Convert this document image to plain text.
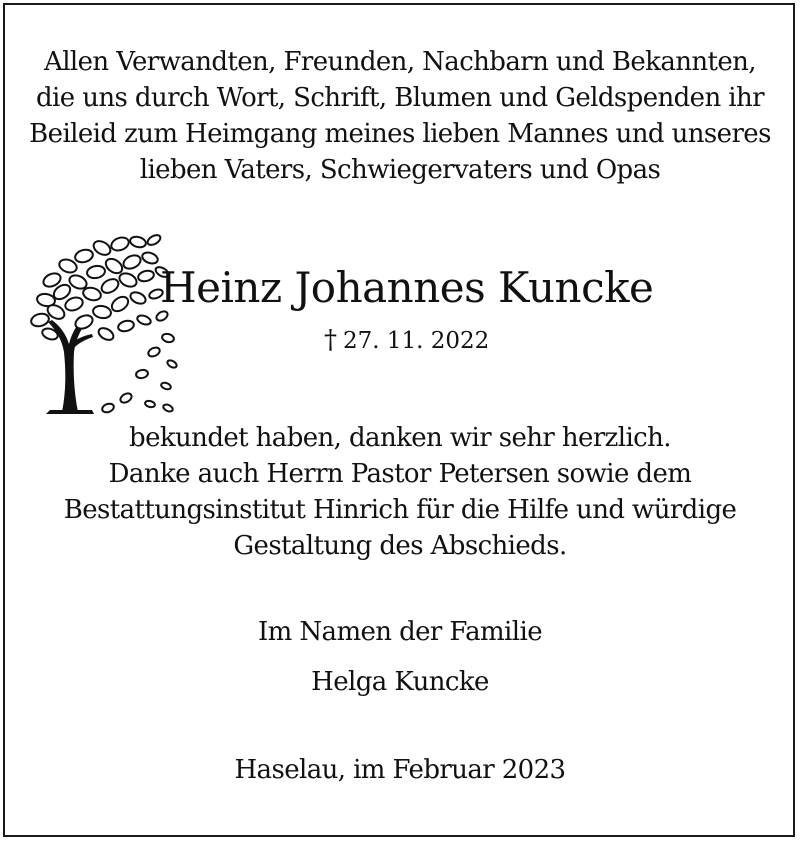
Allen Verwandten, Freunden, Nachbarn und Bekannten,
die uns durch Wort, Schrift, Blumen und Geldspenden ihr
Beileid zum Heimgang meines lieben Mannes und unseres
lieben Vaters, Schwiegervaters und Opas
Heinz Johannes Kuncke
† 27. 11. 2022
bekundet haben, danken wir sehr herzlich.
Danke auch Herrn Pastor Petersen sowie dem
Bestattungsinstitut Hinrich für die Hilfe und würdige
Gestaltung des Abschieds.
Im Namen der Familie
Helga Kuncke
Haselau, im Februar 2023
